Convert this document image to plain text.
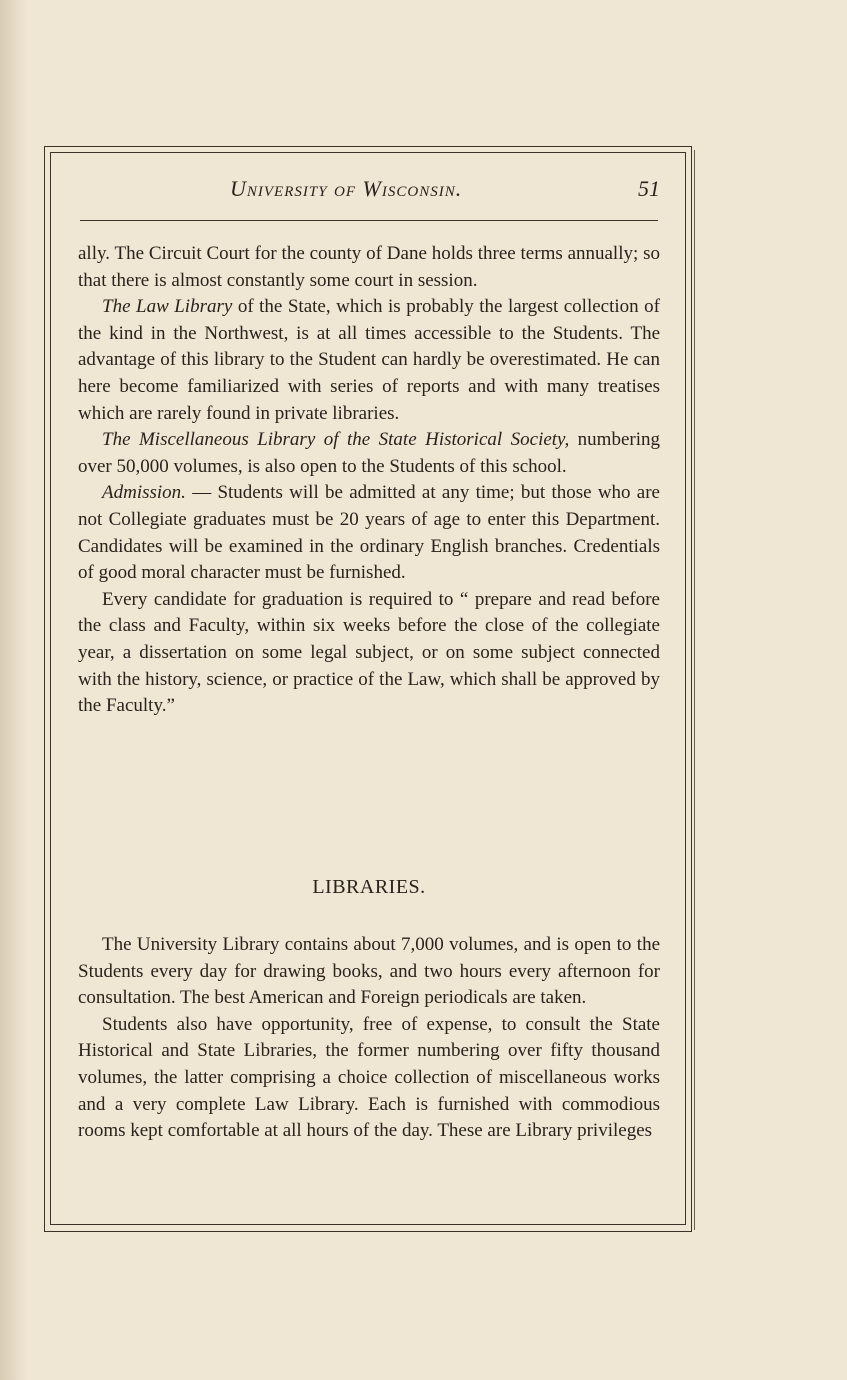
University of Wisconsin.	51

ally. The Circuit Court for the county of Dane holds three terms annually; so that there is almost constantly some court in session.

The Law Library of the State, which is probably the largest collection of the kind in the Northwest, is at all times accessible to the Students. The advantage of this library to the Student can hardly be overestimated. He can here become familiarized with series of reports and with many treatises which are rarely found in private libraries.

The Miscellaneous Library of the State Historical Society, numbering over 50,000 volumes, is also open to the Students of this school.

Admission. — Students will be admitted at any time; but those who are not Collegiate graduates must be 20 years of age to enter this Department. Candidates will be examined in the ordinary English branches. Credentials of good moral character must be furnished.

Every candidate for graduation is required to “ prepare and read before the class and Faculty, within six weeks before the close of the collegiate year, a dissertation on some legal subject, or on some subject connected with the history, science, or practice of the Law, which shall be approved by the Faculty.”

LIBRARIES.

The University Library contains about 7,000 volumes, and is open to the Students every day for drawing books, and two hours every afternoon for consultation. The best American and Foreign periodicals are taken.

Students also have opportunity, free of expense, to consult the State Historical and State Libraries, the former numbering over fifty thousand volumes, the latter comprising a choice collection of miscellaneous works and a very complete Law Library. Each is furnished with commodious rooms kept comfortable at all hours of the day. These are Library privileges
